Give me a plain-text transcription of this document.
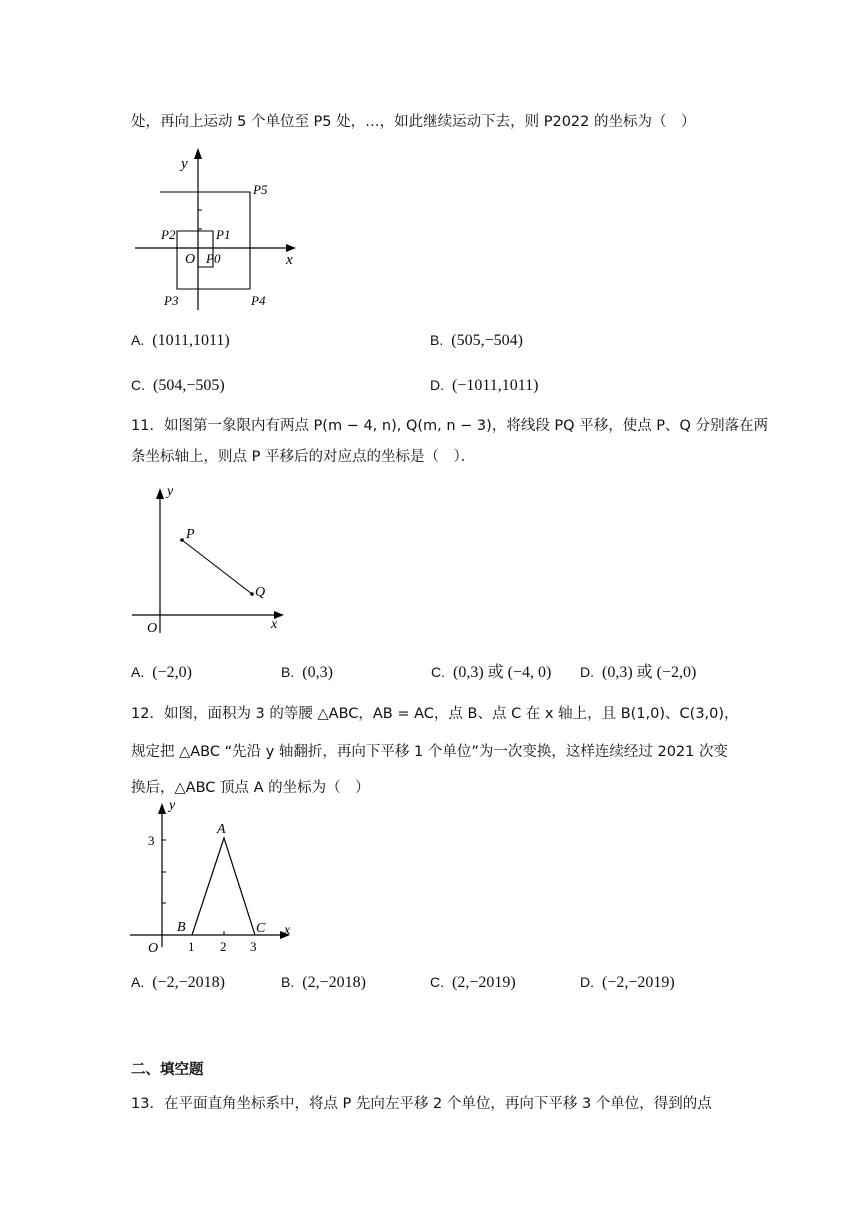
处，再向上运动 5 个单位至 P5 处，…，如此继续运动下去，则 P2022 的坐标为（　）
y
x
O P0
P1
P2
P3	P4
P5
A. (1011,1011)	B. (505,−504)
C. (504,−505)	D. (−1011,1011)
11．如图第一象限内有两点 P(m − 4, n), Q(m, n − 3)，将线段 PQ 平移，使点 P、Q 分别落在两
条坐标轴上，则点 P 平移后的对应点的坐标是（　）．
y
x
O
P
Q
A. (−2,0)	B. (0,3)	C. (0,3) 或 (−4, 0) D. (0,3) 或 (−2,0)
12．如图，面积为 3 的等腰 △ABC，AB = AC，点 B、点 C 在 x 轴上，且 B(1,0)、C(3,0)，
规定把 △ABC “先沿 y 轴翻折，再向下平移 1 个单位”为一次变换，这样连续经过 2021 次变
换后，△ABC 顶点 A 的坐标为（　）
y
x
O
A
B	C
1 2 3
3
A. (−2,−2018)	B. (2,−2018)	C. (2,−2019)	D. (−2,−2019)
二、填空题
13．在平面直角坐标系中，将点 P 先向左平移 2 个单位，再向下平移 3 个单位，得到的点
